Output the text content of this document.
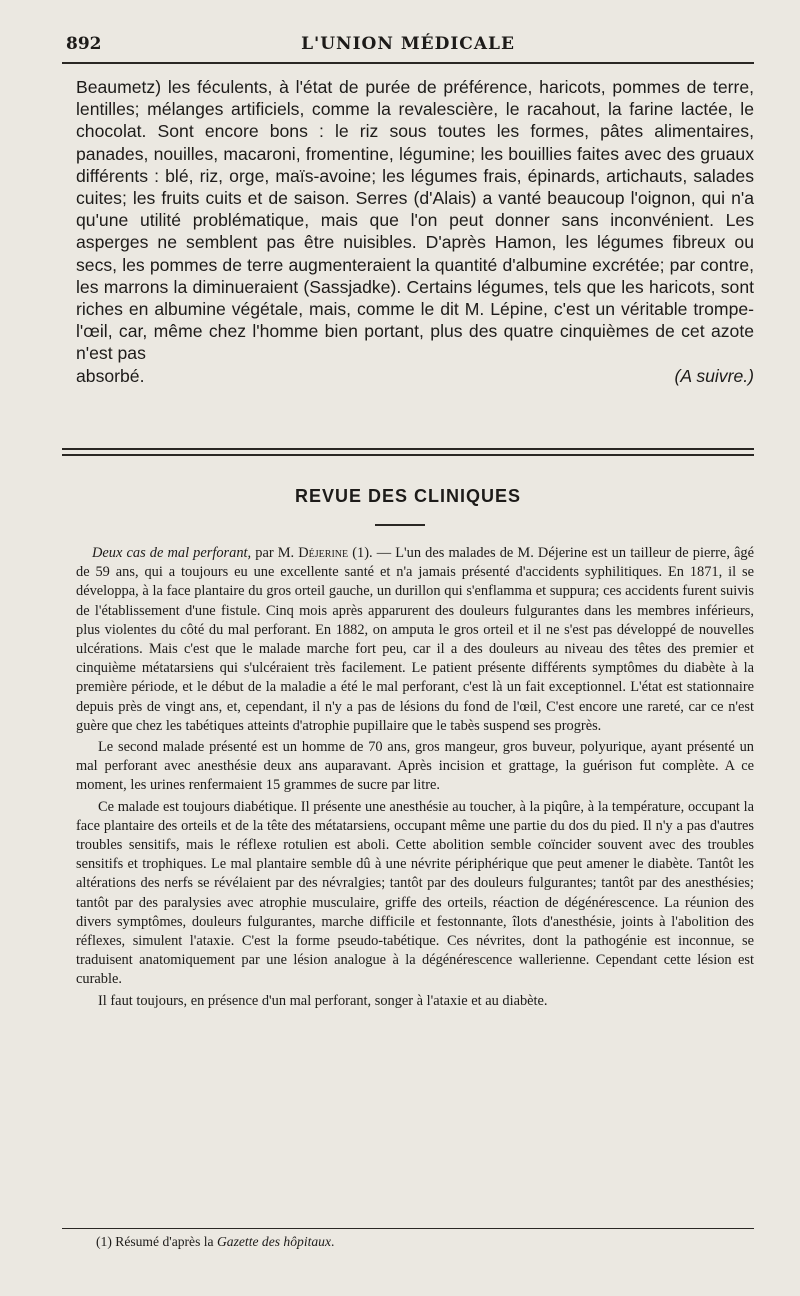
892	L'UNION MÉDICALE

Beaumetz) les féculents, à l'état de purée de préférence, haricots, pommes de terre, lentilles; mélanges artificiels, comme la revalescière, le racahout, la farine lactée, le chocolat. Sont encore bons : le riz sous toutes les formes, pâtes alimentaires, panades, nouilles, macaroni, fromentine, légumine; les bouillies faites avec des gruaux différents : blé, riz, orge, maïs-avoine; les légumes frais, épinards, artichauts, salades cuites; les fruits cuits et de saison. Serres (d'Alais) a vanté beaucoup l'oignon, qui n'a qu'une utilité problématique, mais que l'on peut donner sans inconvénient. Les asperges ne semblent pas être nuisibles. D'après Hamon, les légumes fibreux ou secs, les pommes de terre augmenteraient la quantité d'albumine excrétée; par contre, les marrons la diminueraient (Sassjadke). Certains légumes, tels que les haricots, sont riches en albumine végétale, mais, comme le dit M. Lépine, c'est un véritable trompe-l'œil, car, même chez l'homme bien portant, plus des quatre cinquièmes de cet azote n'est pas

absorbé.	(A suivre.)
REVUE DES CLINIQUES

Deux cas de mal perforant, par M. Déjerine (1). — L'un des malades de M. Déjerine est un tailleur de pierre, âgé de 59 ans, qui a toujours eu une excellente santé et n'a jamais présenté d'accidents syphilitiques. En 1871, il se développa, à la face plantaire du gros orteil gauche, un durillon qui s'enflamma et suppura; ces accidents furent suivis de l'établissement d'une fistule. Cinq mois après apparurent des douleurs fulgurantes dans les membres inférieurs, plus violentes du côté du mal perforant. En 1882, on amputa le gros orteil et il ne s'est pas développé de nouvelles ulcérations. Mais c'est que le malade marche fort peu, car il a des douleurs au niveau des têtes des premier et cinquième métatarsiens qui s'ulcéraient très facilement. Le patient présente différents symptômes du diabète à la première période, et le début de la maladie a été le mal perforant, c'est là un fait exceptionnel. L'état est stationnaire depuis près de vingt ans, et, cependant, il n'y a pas de lésions du fond de l'œil, C'est encore une rareté, car ce n'est guère que chez les tabétiques atteints d'atrophie pupillaire que le tabès suspend ses progrès.

Le second malade présenté est un homme de 70 ans, gros mangeur, gros buveur, polyurique, ayant présenté un mal perforant avec anesthésie deux ans auparavant. Après incision et grattage, la guérison fut complète. A ce moment, les urines renfermaient 15 grammes de sucre par litre.

Ce malade est toujours diabétique. Il présente une anesthésie au toucher, à la piqûre, à la température, occupant la face plantaire des orteils et de la tête des métatarsiens, occupant même une partie du dos du pied. Il n'y a pas d'autres troubles sensitifs, mais le réflexe rotulien est aboli. Cette abolition semble coïncider souvent avec des troubles sensitifs et trophiques. Le mal plantaire semble dû à une névrite périphérique que peut amener le diabète. Tantôt les altérations des nerfs se révélaient par des névralgies; tantôt par des douleurs fulgurantes; tantôt par des anesthésies; tantôt par des paralysies avec atrophie musculaire, griffe des orteils, réaction de dégénérescence. La réunion des divers symptômes, douleurs fulgurantes, marche difficile et festonnante, îlots d'anesthésie, joints à l'abolition des réflexes, simulent l'ataxie. C'est la forme pseudo-tabétique. Ces névrites, dont la pathogénie est inconnue, se traduisent anatomiquement par une lésion analogue à la dégénérescence wallerienne. Cependant cette lésion est curable.

Il faut toujours, en présence d'un mal perforant, songer à l'ataxie et au diabète.

(1) Résumé d'après la Gazette des hôpitaux.
